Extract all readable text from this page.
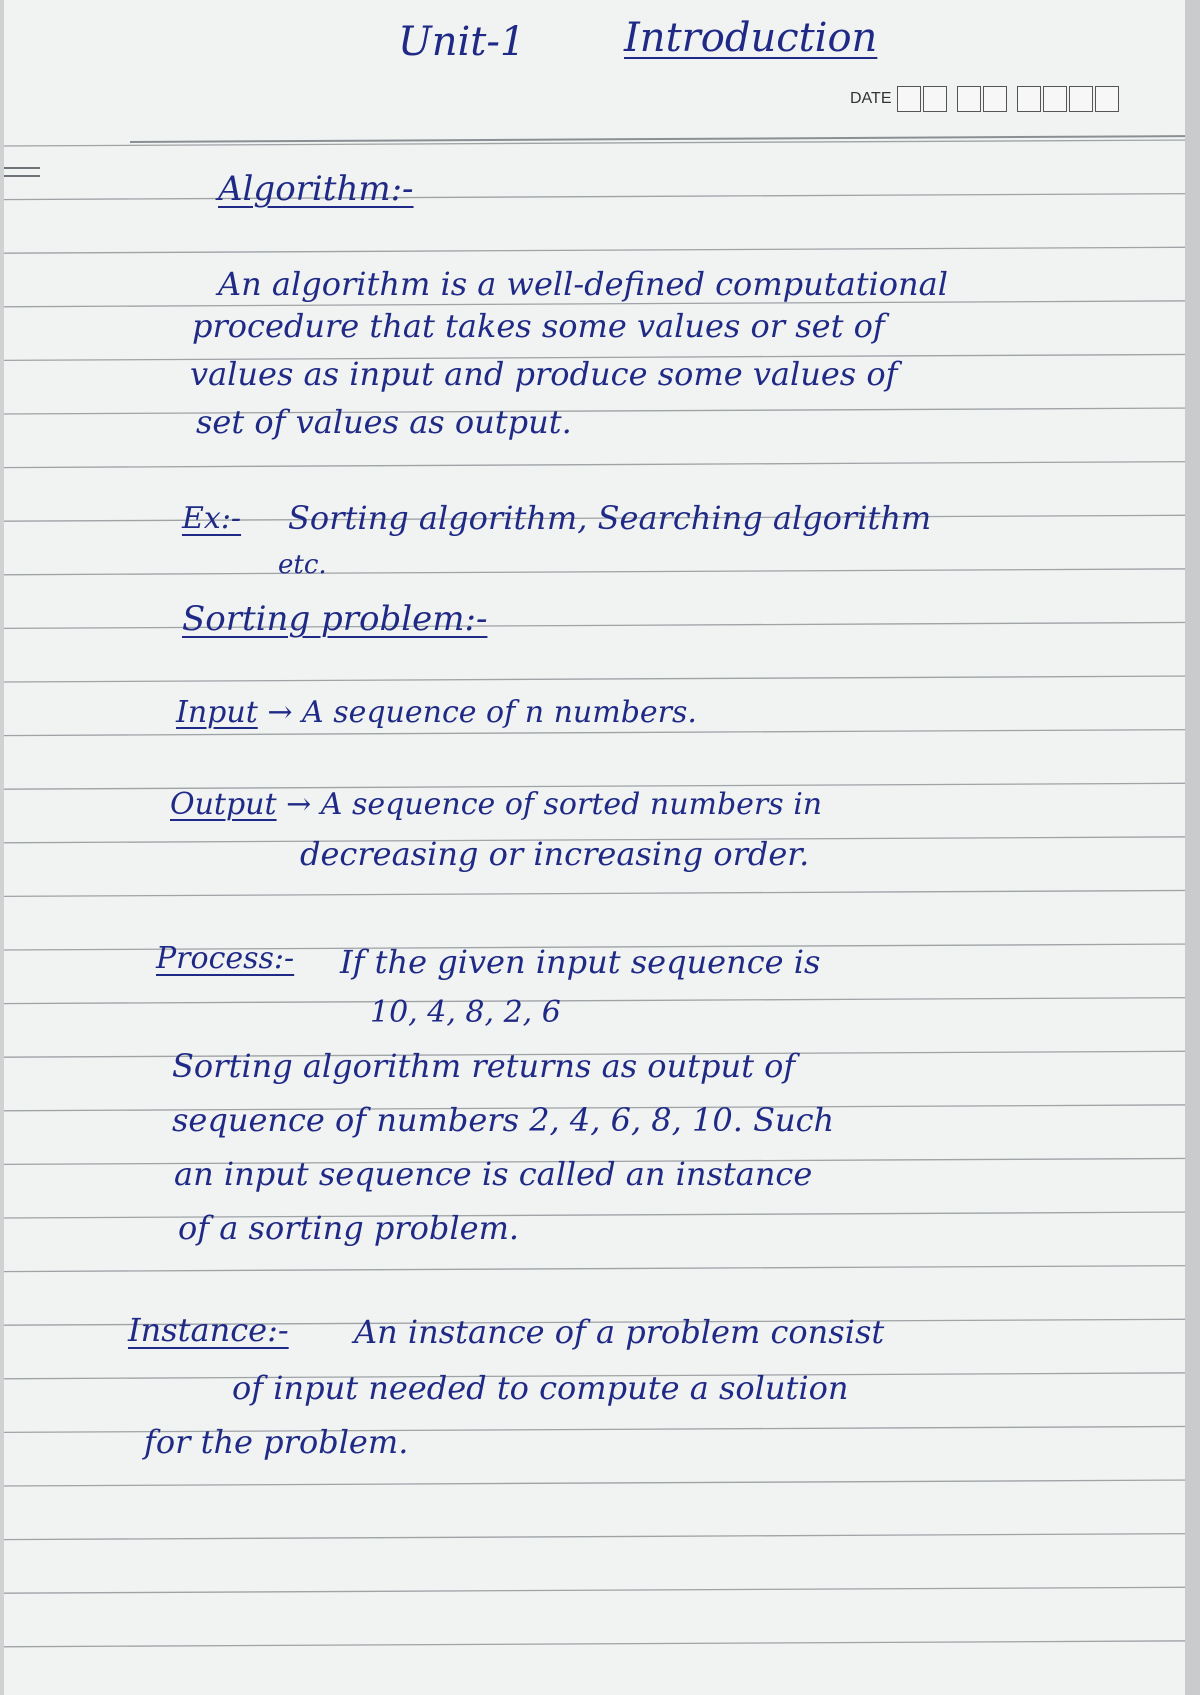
Unit-1 Introduction
DATE
Algorithm:-
An algorithm is a well-defined computational
procedure that takes some values or set of
values as input and produce some values of
set of values as output.
Ex:- Sorting algorithm, Searching algorithm
etc.
Sorting problem:-
Input → A sequence of n numbers.
Output → A sequence of sorted numbers in
decreasing or increasing order.
Process:- If the given input sequence is
10, 4, 8, 2, 6
Sorting algorithm returns as output of
sequence of numbers 2, 4, 6, 8, 10. Such
an input sequence is called an instance
of a sorting problem.
Instance:- An instance of a problem consist
of input needed to compute a solution
for the problem.
